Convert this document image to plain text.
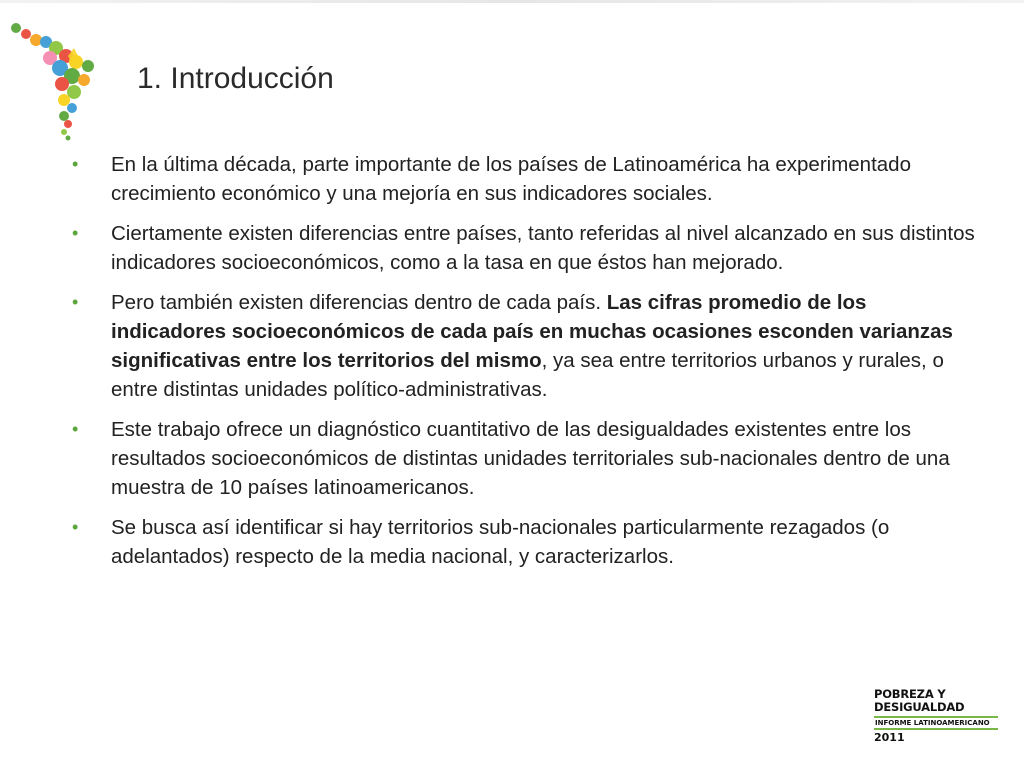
1. Introducción
• En la última década, parte importante de los países de Latinoamérica ha experimentado crecimiento económico y una mejoría en sus indicadores sociales.
• Ciertamente existen diferencias entre países, tanto referidas al nivel alcanzado en sus distintos indicadores socioeconómicos, como a la tasa en que éstos han mejorado.
• Pero también existen diferencias dentro de cada país. Las cifras promedio de los indicadores socioeconómicos de cada país en muchas ocasiones esconden varianzas significativas entre los territorios del mismo, ya sea entre territorios urbanos y rurales, o entre distintas unidades político-administrativas.
• Este trabajo ofrece un diagnóstico cuantitativo de las desigualdades existentes entre los resultados socioeconómicos de distintas unidades territoriales sub-nacionales dentro de una muestra de 10 países latinoamericanos.
• Se busca así identificar si hay territorios sub-nacionales particularmente rezagados (o adelantados) respecto de la media nacional, y caracterizarlos.
POBREZA Y
DESIGUALDAD
INFORME LATINOAMERICANO
2011
